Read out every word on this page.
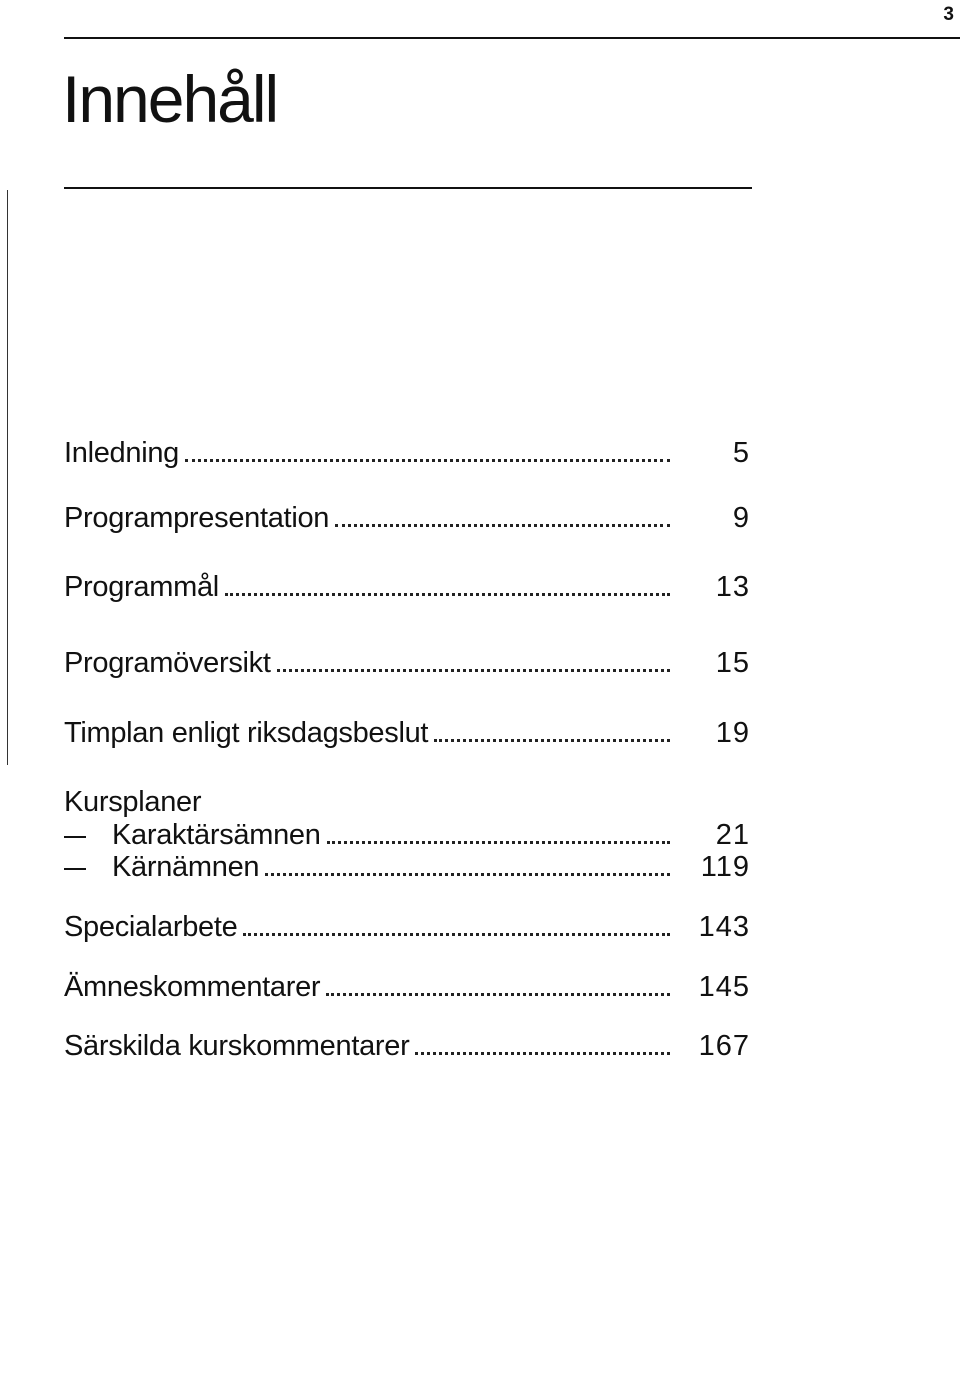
3
Innehåll
Inledning	5
Programpresentation	9
Programmål	13
Programöversikt	15
Timplan enligt riksdagsbeslut	19
Kursplaner
Karaktärsämnen	21
Kärnämnen	119
Specialarbete	143
Ämneskommentarer	145
Särskilda kurskommentarer	167
